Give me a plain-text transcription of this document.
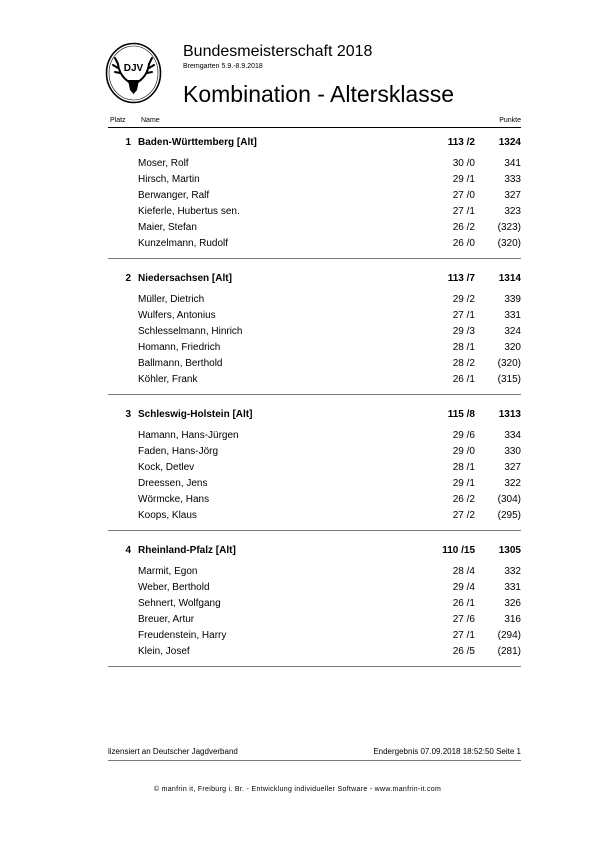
DJV
Bundesmeisterschaft 2018
Bremgarten 5.9.-8.9.2018
Kombination - Altersklasse
Platz Name	Punkte
1 Baden-Württemberg [Alt]	113 /2	1324
Moser, Rolf	30 /0	341
Hirsch, Martin	29 /1	333
Berwanger, Ralf	27 /0	327
Kieferle, Hubertus sen.	27 /1	323
Maier, Stefan	26 /2	(323)
Kunzelmann, Rudolf	26 /0	(320)
2 Niedersachsen [Alt]	113 /7	1314
Müller, Dietrich	29 /2	339
Wulfers, Antonius	27 /1	331
Schlesselmann, Hinrich	29 /3	324
Homann, Friedrich	28 /1	320
Ballmann, Berthold	28 /2	(320)
Köhler, Frank	26 /1	(315)
3 Schleswig-Holstein [Alt]	115 /8	1313
Hamann, Hans-Jürgen	29 /6	334
Faden, Hans-Jörg	29 /0	330
Kock, Detlev	28 /1	327
Dreessen, Jens	29 /1	322
Wörmcke, Hans	26 /2	(304)
Koops, Klaus	27 /2	(295)
4 Rheinland-Pfalz [Alt]	110 /15	1305
Marmit, Egon	28 /4	332
Weber, Berthold	29 /4	331
Sehnert, Wolfgang	26 /1	326
Breuer, Artur	27 /6	316
Freudenstein, Harry	27 /1	(294)
Klein, Josef	26 /5	(281)
lizensiert an Deutscher Jagdverband	Endergebnis 07.09.2018 18:52:50 Seite 1
© manfrin it, Freiburg i. Br. - Entwicklung individueller Software - www.manfrin-it.com
